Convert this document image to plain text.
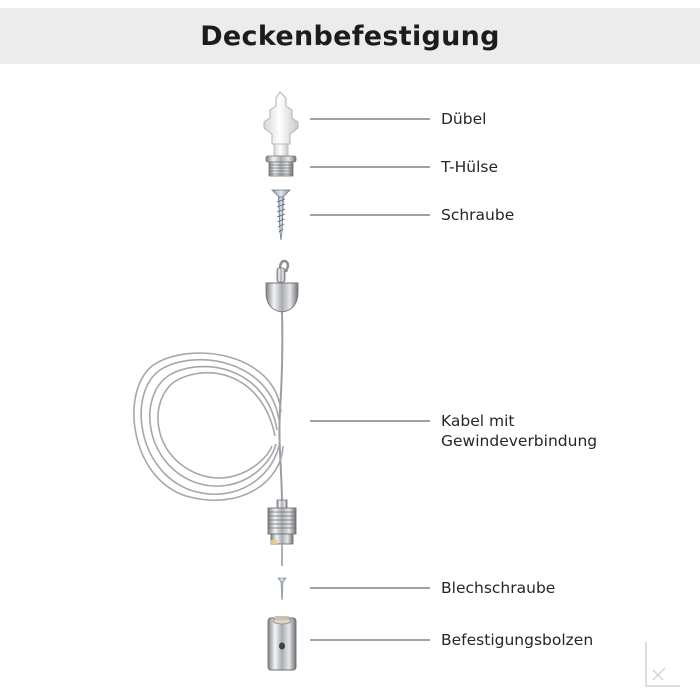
Deckenbefestigung
Dübel
T-Hülse
Schraube
Kabel mit
Gewindeverbindung
Blechschraube
Befestigungsbolzen
